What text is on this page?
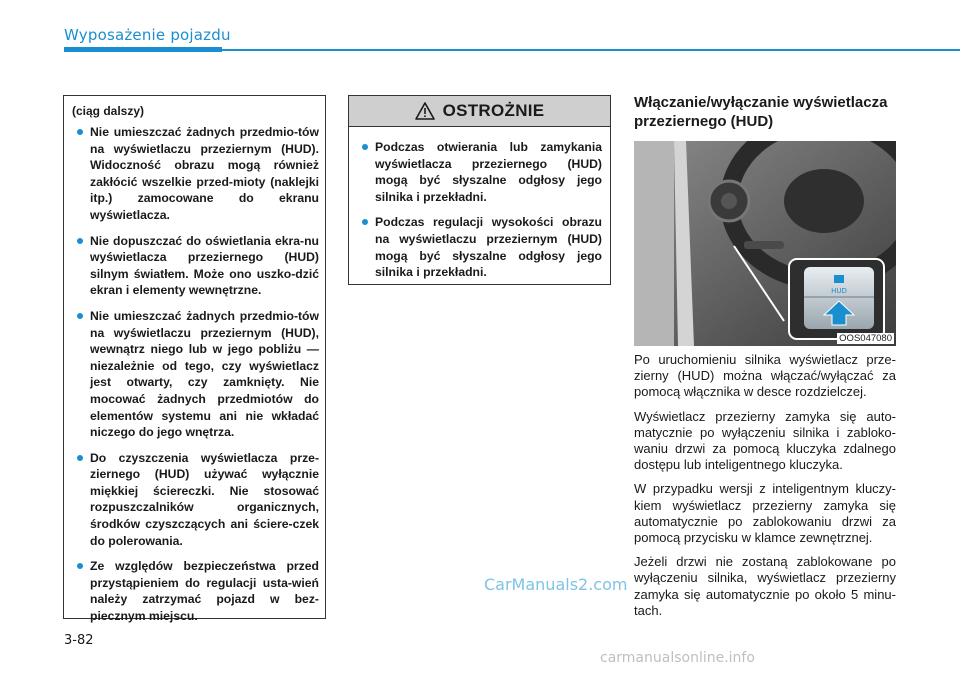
Wyposażenie pojazdu
(ciąg dalszy)
Nie umieszczać żadnych przedmio-tów na wyświetlaczu przeziernym (HUD). Widoczność obrazu mogą również zakłócić wszelkie przed-mioty (naklejki itp.) zamocowane do ekranu wyświetlacza.
Nie dopuszczać do oświetlania ekra-nu wyświetlacza przeziernego (HUD) silnym światłem. Może ono uszko-dzić ekran i elementy wewnętrzne.
Nie umieszczać żadnych przedmio-tów na wyświetlaczu przeziernym (HUD), wewnątrz niego lub w jego pobliżu — niezależnie od tego, czy wyświetlacz jest otwarty, czy zamknięty. Nie mocować żadnych przedmiotów do elementów systemu ani nie wkładać niczego do jego wnętrza.
Do czyszczenia wyświetlacza prze-ziernego (HUD) używać wyłącznie miękkiej ściereczki. Nie stosować rozpuszczalników organicznych, środków czyszczących ani ściere-czek do polerowania.
Ze względów bezpieczeństwa przed przystąpieniem do regulacji usta-wień należy zatrzymać pojazd w bez-piecznym miejscu.
OSTROŻNIE
Podczas otwierania lub zamykania wyświetlacza przeziernego (HUD) mogą być słyszalne odgłosy jego silnika i przekładni.
Podczas regulacji wysokości obrazu na wyświetlaczu przeziernym (HUD) mogą być słyszalne odgłosy jego silnika i przekładni.
Włączanie/wyłączanie wyświetlacza przeziernego (HUD)
HUD
OOS047080

Po uruchomieniu silnika wyświetlacz prze-zierny (HUD) można włączać/wyłączać za pomocą włącznika w desce rozdzielczej.

Wyświetlacz przezierny zamyka się auto-matycznie po wyłączeniu silnika i zabloko-waniu drzwi za pomocą kluczyka zdalnego dostępu lub inteligentnego kluczyka.

W przypadku wersji z inteligentnym kluczy-kiem wyświetlacz przezierny zamyka się automatycznie po zablokowaniu drzwi za pomocą przycisku w klamce zewnętrznej.

Jeżeli drzwi nie zostaną zablokowane po wyłączeniu silnika, wyświetlacz przezierny zamyka się automatycznie po około 5 minu-tach.

3-82
CarManuals2.com
carmanualsonline.info
